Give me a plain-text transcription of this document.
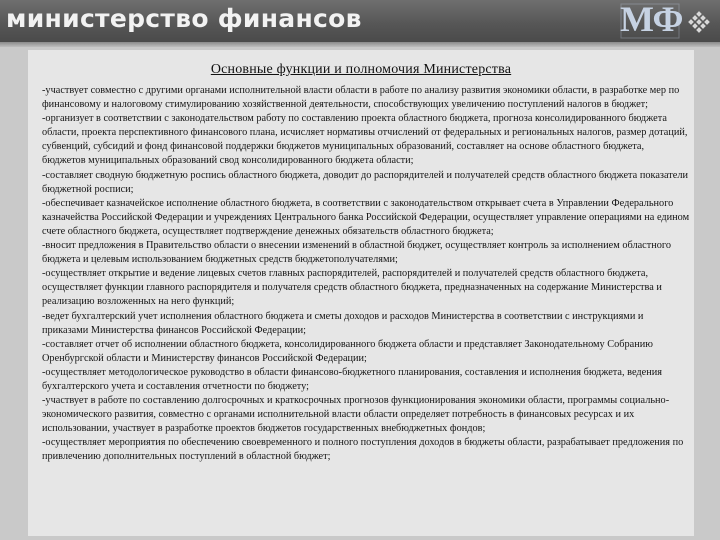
министерство финансов	МФ
Основные функции и полномочия Министерства

-участвует совместно с другими органами исполнительной власти области в работе по анализу развития экономики области, в разработке мер по финансовому и налоговому стимулированию хозяйственной деятельности, способствующих увеличению поступлений налогов в бюджет;

-организует в соответствии с законодательством работу по составлению проекта областного бюджета, прогноза консолидированного бюджета области, проекта перспективного финансового плана, исчисляет нормативы отчислений от федеральных и региональных налогов, размер дотаций, субвенций, субсидий и фонд финансовой поддержки бюджетов муниципальных образований, составляет на основе областного бюджета, бюджетов муниципальных образований свод консолидированного бюджета области;

-составляет сводную бюджетную роспись областного бюджета, доводит до распорядителей и получателей средств областного бюджета показатели бюджетной росписи;

-обеспечивает казначейское исполнение областного бюджета, в соответствии с законодательством открывает счета в Управлении Федерального казначейства Российской Федерации и учреждениях Центрального банка Российской Федерации, осуществляет управление операциями на едином счете областного бюджета, осуществляет подтверждение денежных обязательств областного бюджета;

-вносит предложения в Правительство области о внесении изменений в областной бюджет, осуществляет контроль за исполнением областного бюджета и целевым использованием бюджетных средств бюджетополучателями;

-осуществляет открытие и ведение лицевых счетов главных распорядителей, распорядителей и получателей средств областного бюджета, осуществляет функции главного распорядителя и получателя средств областного бюджета, предназначенных на содержание Министерства и реализацию возложенных на него функций;

-ведет бухгалтерский учет исполнения областного бюджета и сметы доходов и расходов Министерства в соответствии с инструкциями и приказами Министерства финансов Российской Федерации;

-составляет отчет об исполнении областного бюджета, консолидированного бюджета области и представляет Законодательному Собранию Оренбургской области и Министерству финансов Российской Федерации;

-осуществляет методологическое руководство в области финансово-бюджетного планирования, составления и исполнения бюджета, ведения бухгалтерского учета и составления отчетности по бюджету;

-участвует в работе по составлению долгосрочных и краткосрочных прогнозов функционирования экономики области, программы социально-экономического развития, совместно с органами исполнительной власти области определяет потребность в финансовых ресурсах и их использовании, участвует в разработке проектов бюджетов государственных внебюджетных фондов;

-осуществляет мероприятия по обеспечению своевременного и полного поступления доходов в бюджеты области, разрабатывает предложения по привлечению дополнительных поступлений в областной бюджет;
